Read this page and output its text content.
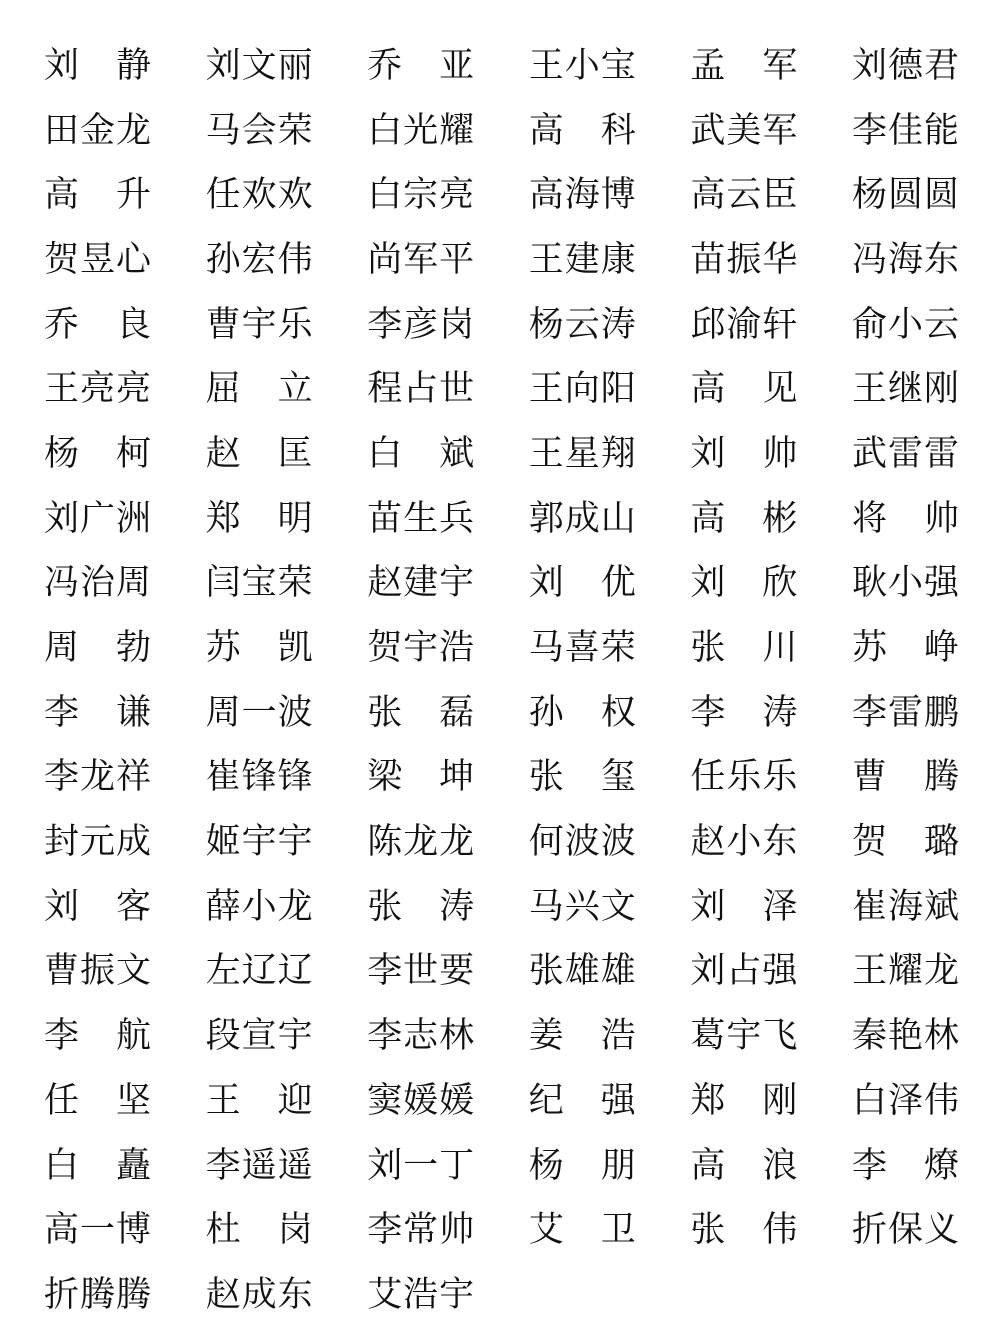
刘 静 刘 文 丽 乔 亚 王 小 宝 孟 军 刘 德 君
田 金 龙 马 会 荣 白 光 耀 高 科 武 美 军 李 佳 能
高 升 任 欢 欢 白 宗 亮 高 海 博 高 云 臣 杨 圆 圆
贺 昱 心 孙 宏 伟 尚 军 平 王 建 康 苗 振 华 冯 海 东
乔 良 曹 宇 乐 李 彦 岗 杨 云 涛 邱 渝 轩 俞 小 云
王 亮 亮 屈 立 程 占 世 王 向 阳 高 见 王 继 刚
杨 柯 赵 匡 白 斌 王 星 翔 刘 帅 武 雷 雷
刘 广 洲 郑 明 苗 生 兵 郭 成 山 高 彬 将 帅
冯 治 周 闫 宝 荣 赵 建 宇 刘 优 刘 欣 耿 小 强
周 勃 苏 凯 贺 宇 浩 马 喜 荣 张 川 苏 峥
李 谦 周 一 波 张 磊 孙 权 李 涛 李 雷 鹏
李 龙 祥 崔 锋 锋 梁 坤 张 玺 任 乐 乐 曹 腾
封 元 成 姬 宇 宇 陈 龙 龙 何 波 波 赵 小 东 贺 璐
刘 客 薛 小 龙 张 涛 马 兴 文 刘 泽 崔 海 斌
曹 振 文 左 辽 辽 李 世 要 张 雄 雄 刘 占 强 王 耀 龙
李 航 段 宣 宇 李 志 林 姜 浩 葛 宇 飞 秦 艳 林
任 坚 王 迎 窦 媛 媛 纪 强 郑 刚 白 泽 伟
白 矗 李 遥 遥 刘 一 丁 杨 朋 高 浪 李 燎
高 一 博 杜 岗 李 常 帅 艾 卫 张 伟 折 保 义
折 腾 腾 赵 成 东 艾 浩 宇
